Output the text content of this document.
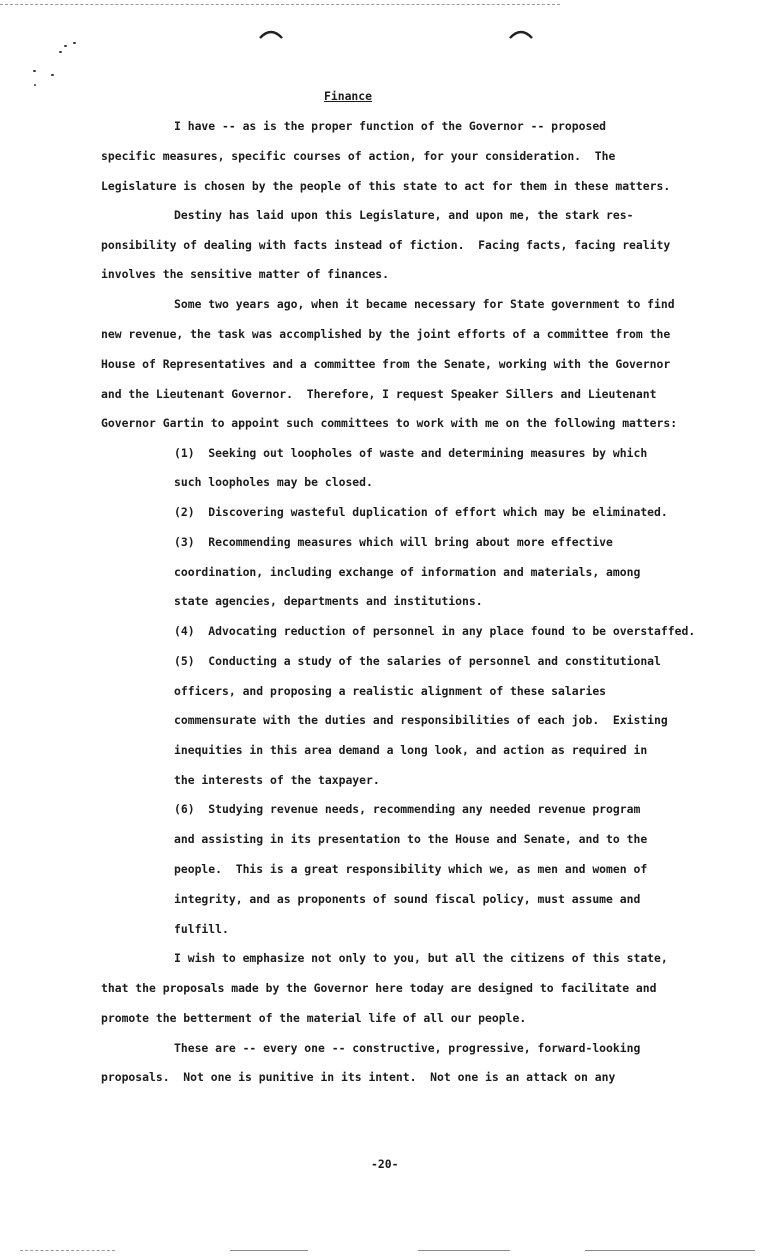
Finance
I have -- as is the proper function of the Governor -- proposed
specific measures, specific courses of action, for your consideration.  The
Legislature is chosen by the people of this state to act for them in these matters.
Destiny has laid upon this Legislature, and upon me, the stark res-
ponsibility of dealing with facts instead of fiction.  Facing facts, facing reality
involves the sensitive matter of finances.
Some two years ago, when it became necessary for State government to find
new revenue, the task was accomplished by the joint efforts of a committee from the
House of Representatives and a committee from the Senate, working with the Governor
and the Lieutenant Governor.  Therefore, I request Speaker Sillers and Lieutenant
Governor Gartin to appoint such committees to work with me on the following matters:
(1)  Seeking out loopholes of waste and determining measures by which
such loopholes may be closed.
(2)  Discovering wasteful duplication of effort which may be eliminated.
(3)  Recommending measures which will bring about more effective
coordination, including exchange of information and materials, among
state agencies, departments and institutions.
(4)  Advocating reduction of personnel in any place found to be overstaffed.
(5)  Conducting a study of the salaries of personnel and constitutional
officers, and proposing a realistic alignment of these salaries
commensurate with the duties and responsibilities of each job.  Existing
inequities in this area demand a long look, and action as required in
the interests of the taxpayer.
(6)  Studying revenue needs, recommending any needed revenue program
and assisting in its presentation to the House and Senate, and to the
people.  This is a great responsibility which we, as men and women of
integrity, and as proponents of sound fiscal policy, must assume and
fulfill.
I wish to emphasize not only to you, but all the citizens of this state,
that the proposals made by the Governor here today are designed to facilitate and
promote the betterment of the material life of all our people.
These are -- every one -- constructive, progressive, forward-looking
proposals.  Not one is punitive in its intent.  Not one is an attack on any
-20-
